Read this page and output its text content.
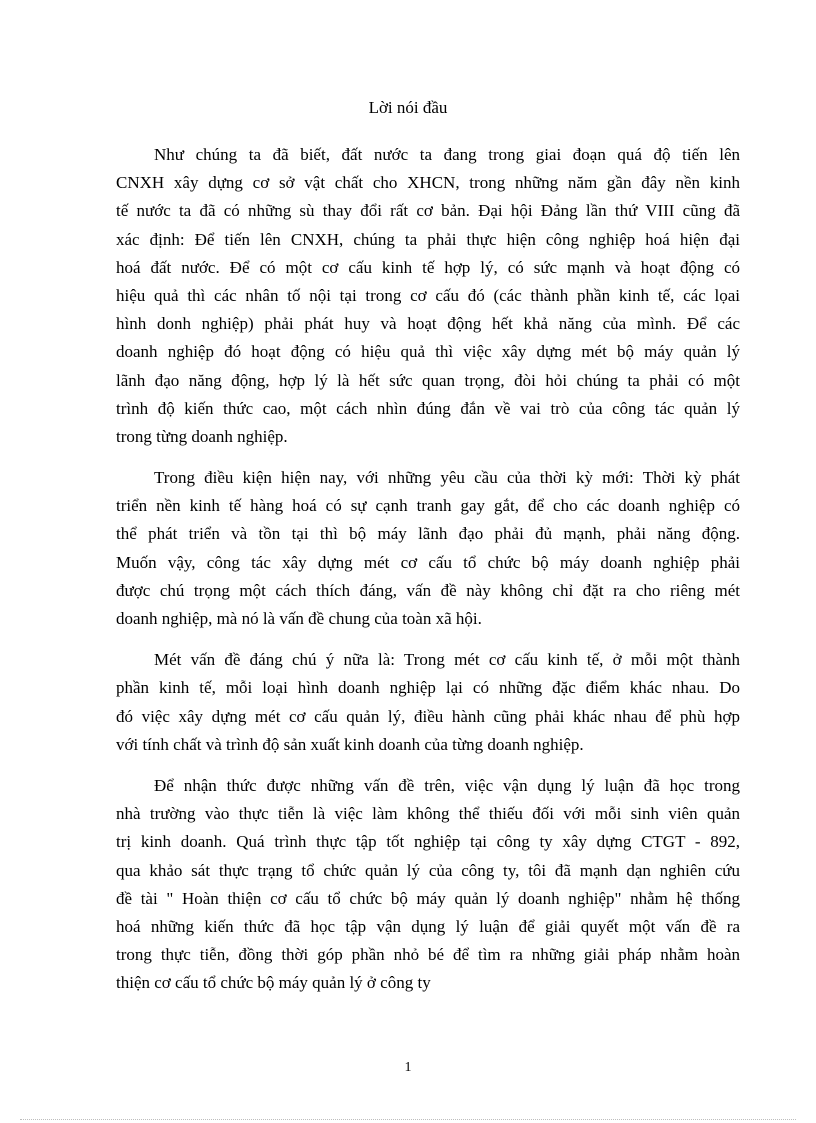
Lời nói đầu
Như chúng ta đã biết, đất nước ta đang trong giai đoạn quá độ tiến lên
CNXH xây dựng cơ sở vật chất cho XHCN, trong những năm gần đây nền kinh
tế nước ta đã có những sù thay đổi rất cơ bản. Đại hội Đảng lần thứ VIII cũng đã
xác định: Để tiến lên CNXH, chúng ta phải thực hiện công nghiệp hoá hiện đại
hoá đất nước. Để có một cơ cấu kinh tế hợp lý, có sức mạnh và hoạt động có
hiệu quả thì các nhân tố nội tại trong cơ cấu đó (các thành phần kinh tế, các lọai
hình donh nghiệp) phải phát huy và hoạt động hết khả năng của mình. Để các
doanh nghiệp đó hoạt động có hiệu quả thì việc xây dựng mét bộ máy quản lý
lãnh đạo năng động, hợp lý là hết sức quan trọng, đòi hỏi chúng ta phải có một
trình độ kiến thức cao, một cách nhìn đúng đắn về vai trò của công tác quản lý
trong từng doanh nghiệp.
Trong điều kiện hiện nay, với những yêu cầu của thời kỳ mới: Thời kỳ phát
triển nền kinh tế hàng hoá có sự cạnh tranh gay gắt, để cho các doanh nghiệp có
thể phát triển và tồn tại thì bộ máy lãnh đạo phải đủ mạnh, phải năng động.
Muốn vậy, công tác xây dựng mét cơ cấu tổ chức bộ máy doanh nghiệp phải
được chú trọng một cách thích đáng, vấn đề này không chỉ đặt ra cho riêng mét
doanh nghiệp, mà nó là vấn đề chung của toàn xã hội.
Mét vấn đề đáng chú ý nữa là: Trong mét cơ cấu kinh tế, ở mỗi một thành
phần kinh tế, mỗi loại hình doanh nghiệp lại có những đặc điểm khác nhau. Do
đó việc xây dựng mét cơ cấu quản lý, điều hành cũng phải khác nhau để phù hợp
với tính chất và trình độ sản xuất kinh doanh của từng doanh nghiệp.
Để nhận thức được những vấn đề trên, việc vận dụng lý luận đã học trong
nhà trường vào thực tiễn là việc làm không thể thiếu đối với mỗi sinh viên quản
trị kinh doanh. Quá trình thực tập tốt nghiệp tại công ty xây dựng CTGT - 892,
qua khảo sát thực trạng tổ chức quản lý của công ty, tôi đã mạnh dạn nghiên cứu
đề tài " Hoàn thiện cơ cấu tổ chức bộ máy quản lý doanh nghiệp" nhằm hệ thống
hoá những kiến thức đã học tập vận dụng lý luận để giải quyết một vấn đề ra
trong thực tiễn, đồng thời góp phần nhỏ bé để tìm ra những giải pháp nhằm hoàn
thiện cơ cấu tổ chức bộ máy quản lý ở công ty
1
